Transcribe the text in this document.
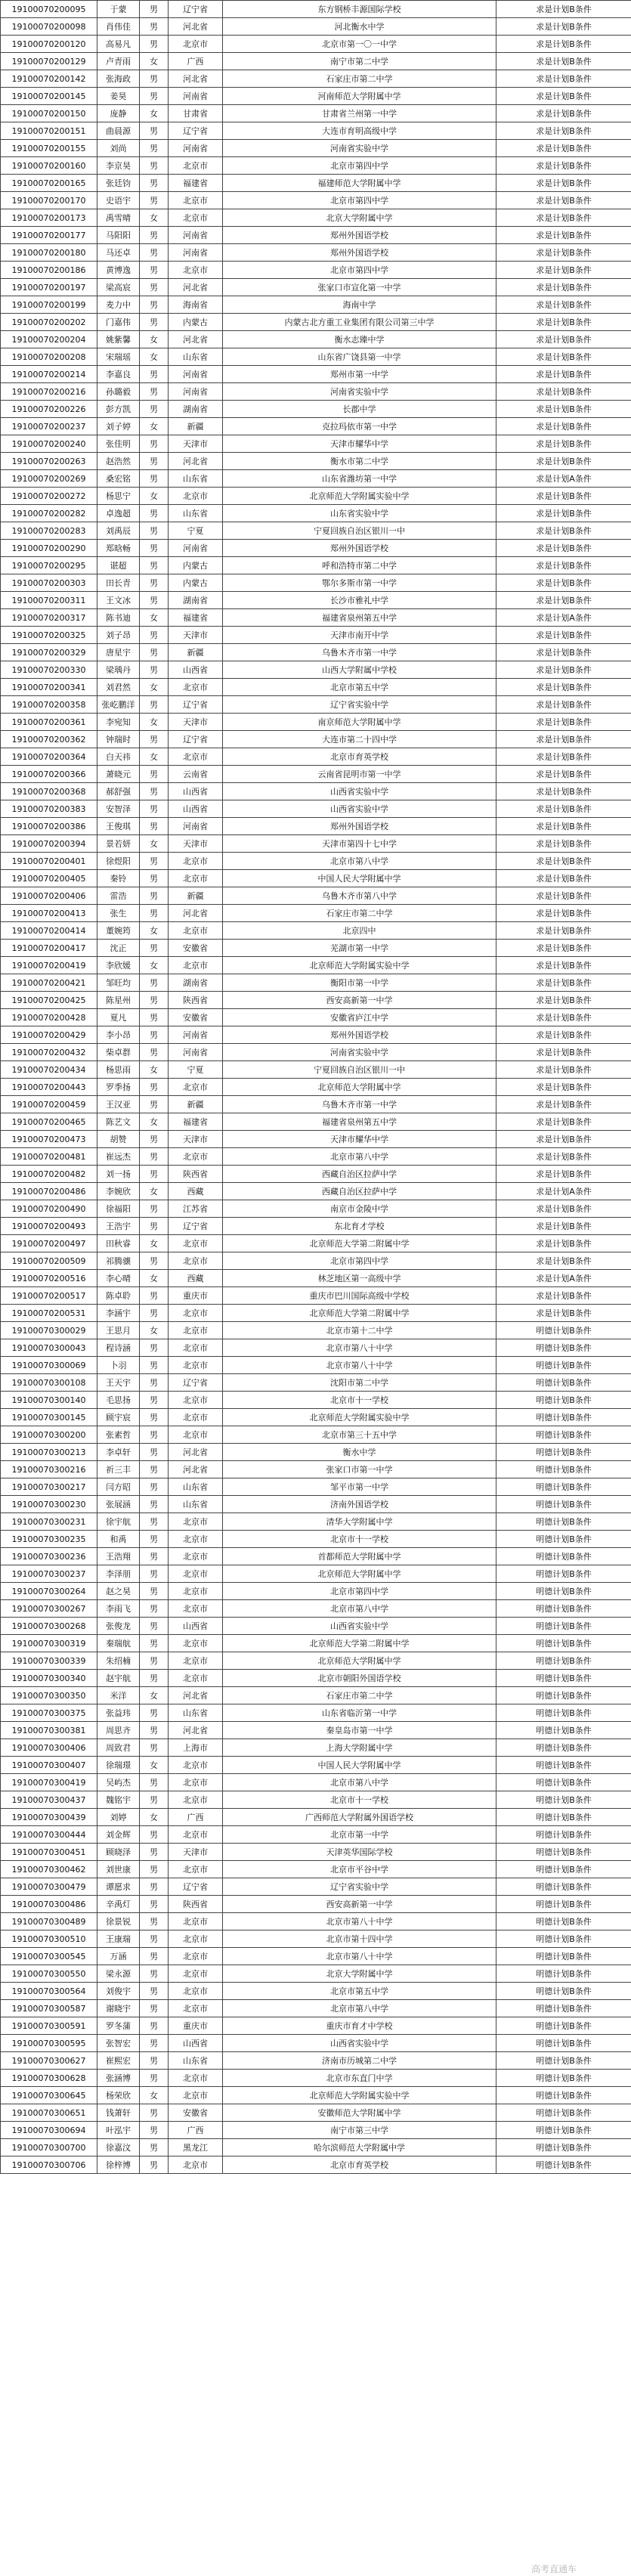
19100070200095	于蒙	男	辽宁省	东方钢桥丰源国际学校	求是计划B条件
19100070200098	肖伟佳	男	河北省	河北衡水中学	求是计划B条件
19100070200120	高易凡	男	北京市	北京市第一〇一中学	求是计划B条件
19100070200129	卢青雨	女	广西	南宁市第二中学	求是计划B条件
19100070200142	张海政	男	河北省	石家庄市第二中学	求是计划B条件
19100070200145	姜昊	男	河南省	河南师范大学附属中学	求是计划B条件
19100070200150	庞静	女	甘肃省	甘肃省兰州第一中学	求是计划B条件
19100070200151	曲晨源	男	辽宁省	大连市育明高级中学	求是计划B条件
19100070200155	刘尚	男	河南省	河南省实验中学	求是计划B条件
19100070200160	李京昊	男	北京市	北京市第四中学	求是计划B条件
19100070200165	张廷钧	男	福建省	福建师范大学附属中学	求是计划B条件
19100070200170	史语宇	男	北京市	北京市第四中学	求是计划B条件
19100070200173	禹雪晴	女	北京市	北京大学附属中学	求是计划B条件
19100070200177	马阳阳	男	河南省	郑州外国语学校	求是计划B条件
19100070200180	马还卓	男	河南省	郑州外国语学校	求是计划B条件
19100070200186	黄博逸	男	北京市	北京市第四中学	求是计划B条件
19100070200197	梁高宸	男	河北省	张家口市宣化第一中学	求是计划B条件
19100070200199	麦力中	男	海南省	海南中学	求是计划B条件
19100070200202	门嘉伟	男	内蒙古	内蒙古北方重工业集团有限公司第三中学	求是计划B条件
19100070200204	姚紫馨	女	河北省	衡水志臻中学	求是计划B条件
19100070200208	宋瑞瑶	女	山东省	山东省广饶县第一中学	求是计划B条件
19100070200214	李嘉良	男	河南省	郑州市第一中学	求是计划B条件
19100070200216	孙璐毅	男	河南省	河南省实验中学	求是计划B条件
19100070200226	彭方凯	男	湖南省	长郡中学	求是计划B条件
19100070200237	刘子婷	女	新疆	克拉玛依市第一中学	求是计划B条件
19100070200240	张佳明	男	天津市	天津市耀华中学	求是计划B条件
19100070200263	赵浩然	男	河北省	衡水市第二中学	求是计划B条件
19100070200269	桑宏铭	男	山东省	山东省潍坊第一中学	求是计划A条件
19100070200272	杨思宁	女	北京市	北京师范大学附属实验中学	求是计划B条件
19100070200282	卓逸超	男	山东省	山东省实验中学	求是计划B条件
19100070200283	刘禹辰	男	宁夏	宁夏回族自治区银川一中	求是计划B条件
19100070200290	郑晗畅	男	河南省	郑州外国语学校	求是计划B条件
19100070200295	谌超	男	内蒙古	呼和浩特市第二中学	求是计划B条件
19100070200303	田长青	男	内蒙古	鄂尔多斯市第一中学	求是计划B条件
19100070200311	王文冰	男	湖南省	长沙市雅礼中学	求是计划B条件
19100070200317	陈书迪	女	福建省	福建省泉州第五中学	求是计划A条件
19100070200325	刘子昂	男	天津市	天津市南开中学	求是计划B条件
19100070200329	唐星宇	男	新疆	乌鲁木齐市第一中学	求是计划B条件
19100070200330	梁瑀丹	男	山西省	山西大学附属中学校	求是计划B条件
19100070200341	刘君然	女	北京市	北京市第五中学	求是计划B条件
19100070200358	张屹鹏洋	男	辽宁省	辽宁省实验中学	求是计划B条件
19100070200361	李宛知	女	天津市	南京师范大学附属中学	求是计划B条件
19100070200362	钟瑞时	男	辽宁省	大连市第二十四中学	求是计划B条件
19100070200364	白天祎	女	北京市	北京市育英学校	求是计划B条件
19100070200366	萧晓元	男	云南省	云南省昆明市第一中学	求是计划B条件
19100070200368	郝舒强	男	山西省	山西省实验中学	求是计划B条件
19100070200383	安智泽	男	山西省	山西省实验中学	求是计划B条件
19100070200386	王俊琪	男	河南省	郑州外国语学校	求是计划B条件
19100070200394	景若妍	女	天津市	天津市第四十七中学	求是计划B条件
19100070200401	徐煜阳	男	北京市	北京市第八中学	求是计划B条件
19100070200405	秦铃	男	北京市	中国人民大学附属中学	求是计划B条件
19100070200406	雷浩	男	新疆	乌鲁木齐市第八中学	求是计划B条件
19100070200413	张生	男	河北省	石家庄市第二中学	求是计划B条件
19100070200414	董婉筠	女	北京市	北京四中	求是计划B条件
19100070200417	沈正	男	安徽省	芜湖市第一中学	求是计划B条件
19100070200419	李欣媛	女	北京市	北京师范大学附属实验中学	求是计划B条件
19100070200421	邹旺均	男	湖南省	衡阳市第一中学	求是计划B条件
19100070200425	陈星州	男	陕西省	西安高新第一中学	求是计划B条件
19100070200428	夏凡	男	安徽省	安徽省庐江中学	求是计划B条件
19100070200429	李小昂	男	河南省	郑州外国语学校	求是计划B条件
19100070200432	柴卓群	男	河南省	河南省实验中学	求是计划B条件
19100070200434	杨思雨	女	宁夏	宁夏回族自治区银川一中	求是计划B条件
19100070200443	罗季扬	男	北京市	北京师范大学附属中学	求是计划B条件
19100070200459	王汉亚	男	新疆	乌鲁木齐市第一中学	求是计划B条件
19100070200465	陈艺文	女	福建省	福建省泉州第五中学	求是计划B条件
19100070200473	胡赞	男	天津市	天津市耀华中学	求是计划B条件
19100070200481	崔远杰	男	北京市	北京市第八中学	求是计划B条件
19100070200482	刘一扬	男	陕西省	西藏自治区拉萨中学	求是计划B条件
19100070200486	李婉欣	女	西藏	西藏自治区拉萨中学	求是计划A条件
19100070200490	徐福阳	男	江苏省	南京市金陵中学	求是计划B条件
19100070200493	王浩宇	男	辽宁省	东北育才学校	求是计划B条件
19100070200497	田秋睿	女	北京市	北京师范大学第二附属中学	求是计划B条件
19100070200509	祁腾骧	男	北京市	北京市第四中学	求是计划B条件
19100070200516	李心晴	女	西藏	林芝地区第一高级中学	求是计划A条件
19100070200517	陈卓聆	男	重庆市	重庆市巴川国际高级中学校	求是计划B条件
19100070200531	李涵宇	男	北京市	北京师范大学第二附属中学	求是计划B条件
19100070300029	王思月	女	北京市	北京市第十二中学	明德计划B条件
19100070300043	程诗涵	男	北京市	北京市第八十中学	明德计划B条件
19100070300069	卜羽	男	北京市	北京市第八十中学	明德计划B条件
19100070300108	王天宇	男	辽宁省	沈阳市第二中学	明德计划B条件
19100070300140	毛思扬	男	北京市	北京市十一学校	明德计划B条件
19100070300145	顾宇宸	男	北京市	北京师范大学附属实验中学	明德计划B条件
19100070300200	张素哲	男	北京市	北京市第三十五中学	明德计划B条件
19100070300213	李卓轩	男	河北省	衡水中学	明德计划B条件
19100070300216	祈三丰	男	河北省	张家口市第一中学	明德计划B条件
19100070300217	闫方昭	男	山东省	邹平市第一中学	明德计划B条件
19100070300230	张展涵	男	山东省	济南外国语学校	明德计划B条件
19100070300231	徐宇航	男	北京市	清华大学附属中学	明德计划B条件
19100070300235	和禹	男	北京市	北京市十一学校	明德计划B条件
19100070300236	王浩翔	男	北京市	首都师范大学附属中学	明德计划B条件
19100070300237	李泽朋	男	北京市	北京师范大学附属中学	明德计划B条件
19100070300264	赵之昊	男	北京市	北京市第四中学	明德计划B条件
19100070300267	李雨飞	男	北京市	北京市第八中学	明德计划B条件
19100070300268	张俊龙	男	山西省	山西省实验中学	明德计划B条件
19100070300319	秦瑞航	男	北京市	北京师范大学第二附属中学	明德计划B条件
19100070300339	朱绍楠	男	北京市	北京师范大学附属中学	明德计划B条件
19100070300340	赵宇航	男	北京市	北京市朝阳外国语学校	明德计划B条件
19100070300350	米洋	女	河北省	石家庄市第二中学	明德计划B条件
19100070300375	张益玮	男	山东省	山东省临沂第一中学	明德计划B条件
19100070300381	周思齐	男	河北省	秦皇岛市第一中学	明德计划B条件
19100070300406	周致君	男	上海市	上海大学附属中学	明德计划B条件
19100070300407	徐瑞璟	女	北京市	中国人民大学附属中学	明德计划B条件
19100070300419	吴屿杰	男	北京市	北京市第八中学	明德计划B条件
19100070300437	魏铭宇	男	北京市	北京市十一学校	明德计划B条件
19100070300439	刘婷	女	广西	广西师范大学附属外国语学校	明德计划B条件
19100070300444	刘金辉	男	北京市	北京市第一中学	明德计划B条件
19100070300451	顾晓泽	男	天津市	天津英华国际学校	明德计划B条件
19100070300462	刘世康	男	北京市	北京市平谷中学	明德计划B条件
19100070300479	谭愿求	男	辽宁省	辽宁省实验中学	明德计划B条件
19100070300486	辛禹灯	男	陕西省	西安高新第一中学	明德计划B条件
19100070300489	徐景锐	男	北京市	北京市第八十中学	明德计划B条件
19100070300510	王康瑞	男	北京市	北京市第十四中学	明德计划B条件
19100070300545	万涵	男	北京市	北京市第八十中学	明德计划B条件
19100070300550	梁永源	男	北京市	北京大学附属中学	明德计划B条件
19100070300564	刘俊宇	男	北京市	北京市第五中学	明德计划B条件
19100070300587	谢晓宇	男	北京市	北京市第八中学	明德计划B条件
19100070300591	罗冬蒲	男	重庆市	重庆市育才中学校	明德计划B条件
19100070300595	张智宏	男	山西省	山西省实验中学	明德计划B条件
19100070300627	崔熙宏	男	山东省	济南市历城第二中学	明德计划B条件
19100070300628	张涵博	男	北京市	北京市东直门中学	明德计划B条件
19100070300645	杨荣欣	女	北京市	北京师范大学附属实验中学	明德计划B条件
19100070300651	钱萧轩	男	安徽省	安徽师范大学附属中学	明德计划B条件
19100070300694	叶泓宇	男	广西	南宁市第三中学	明德计划B条件
19100070300700	徐嘉汶	男	黑龙江	哈尔滨师范大学附属中学	明德计划B条件
19100070300706	徐梓博	男	北京市	北京市育英学校	明德计划B条件
高考直通车
